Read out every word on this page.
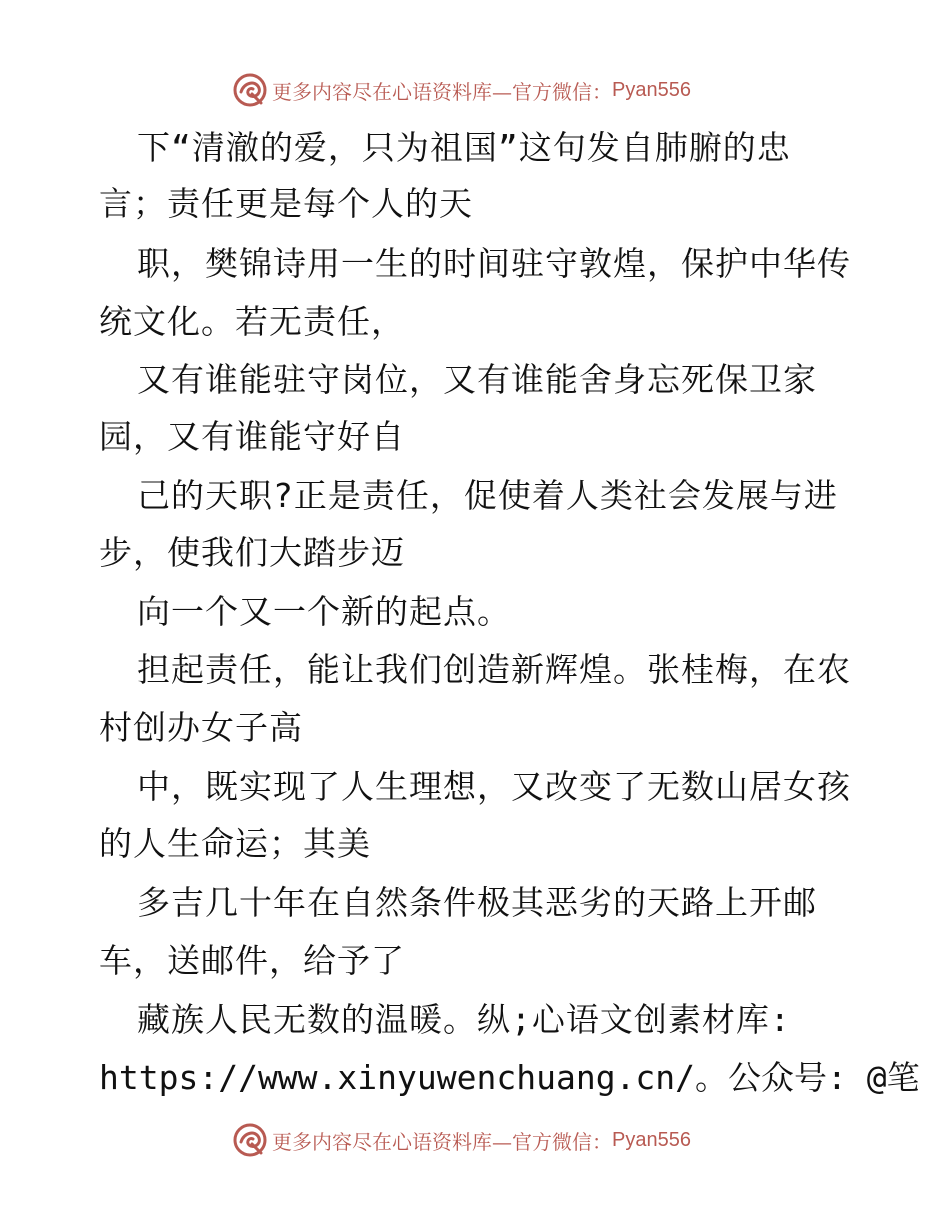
更多内容尽在心语资料库—官方微信： Pyan556
下“清澈的爱，只为祖国”这句发自肺腑的忠
言；责任更是每个人的天
职，樊锦诗用一生的时间驻守敦煌，保护中华传
统文化。若无责任，
又有谁能驻守岗位，又有谁能舍身忘死保卫家
园，又有谁能守好自
己的天职?正是责任，促使着人类社会发展与进
步，使我们大踏步迈
向一个又一个新的起点。
担起责任，能让我们创造新辉煌。张桂梅，在农
村创办女子高
中，既实现了人生理想，又改变了无数山居女孩
的人生命运；其美
多吉几十年在自然条件极其恶劣的天路上开邮
车，送邮件，给予了
藏族人民无数的温暖。纵;心语文创素材库:
https://www.xinyuwenchuang.cn/。公众号: @笔
更多内容尽在心语资料库—官方微信： Pyan556
